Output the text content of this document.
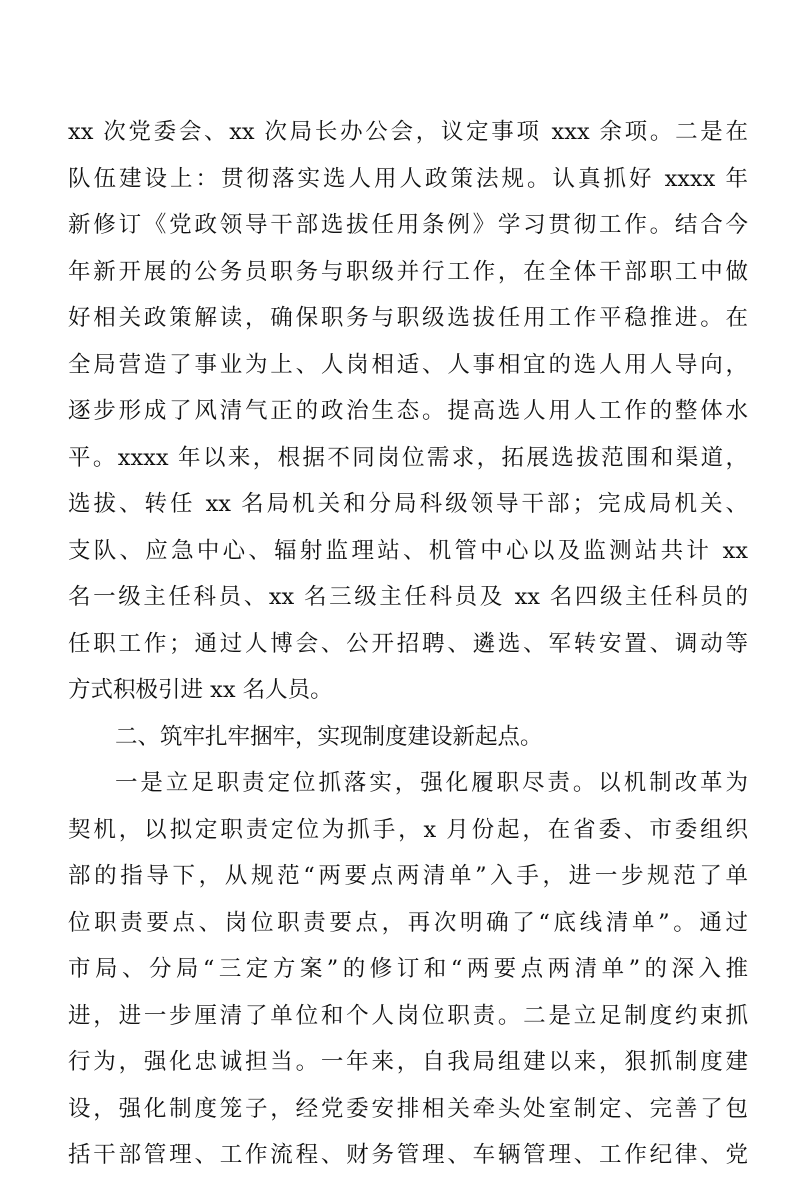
xx 次党委会、xx 次局长办公会，议定事项 xxx 余项。二是在
队伍建设上：贯彻落实选人用人政策法规。认真抓好 xxxx 年
新修订《党政领导干部选拔任用条例》学习贯彻工作。结合今
年新开展的公务员职务与职级并行工作，在全体干部职工中做
好相关政策解读，确保职务与职级选拔任用工作平稳推进。在
全局营造了事业为上、人岗相适、人事相宜的选人用人导向，
逐步形成了风清气正的政治生态。提高选人用人工作的整体水
平。xxxx 年以来，根据不同岗位需求，拓展选拔范围和渠道，
选拔、转任 xx 名局机关和分局科级领导干部；完成局机关、
支队、应急中心、辐射监理站、机管中心以及监测站共计 xx
名一级主任科员、xx 名三级主任科员及 xx 名四级主任科员的
任职工作；通过人博会、公开招聘、遴选、军转安置、调动等
方式积极引进 xx 名人员。
二、筑牢扎牢捆牢，实现制度建设新起点。
一是立足职责定位抓落实，强化履职尽责。以机制改革为
契机，以拟定职责定位为抓手，x 月份起，在省委、市委组织
部的指导下，从规范“两要点两清单”入手，进一步规范了单
位职责要点、岗位职责要点，再次明确了“底线清单”。通过
市局、分局“三定方案”的修订和“两要点两清单”的深入推
进，进一步厘清了单位和个人岗位职责。二是立足制度约束抓
行为，强化忠诚担当。一年来，自我局组建以来，狠抓制度建
设，强化制度笼子，经党委安排相关牵头处室制定、完善了包
括干部管理、工作流程、财务管理、车辆管理、工作纪律、党
